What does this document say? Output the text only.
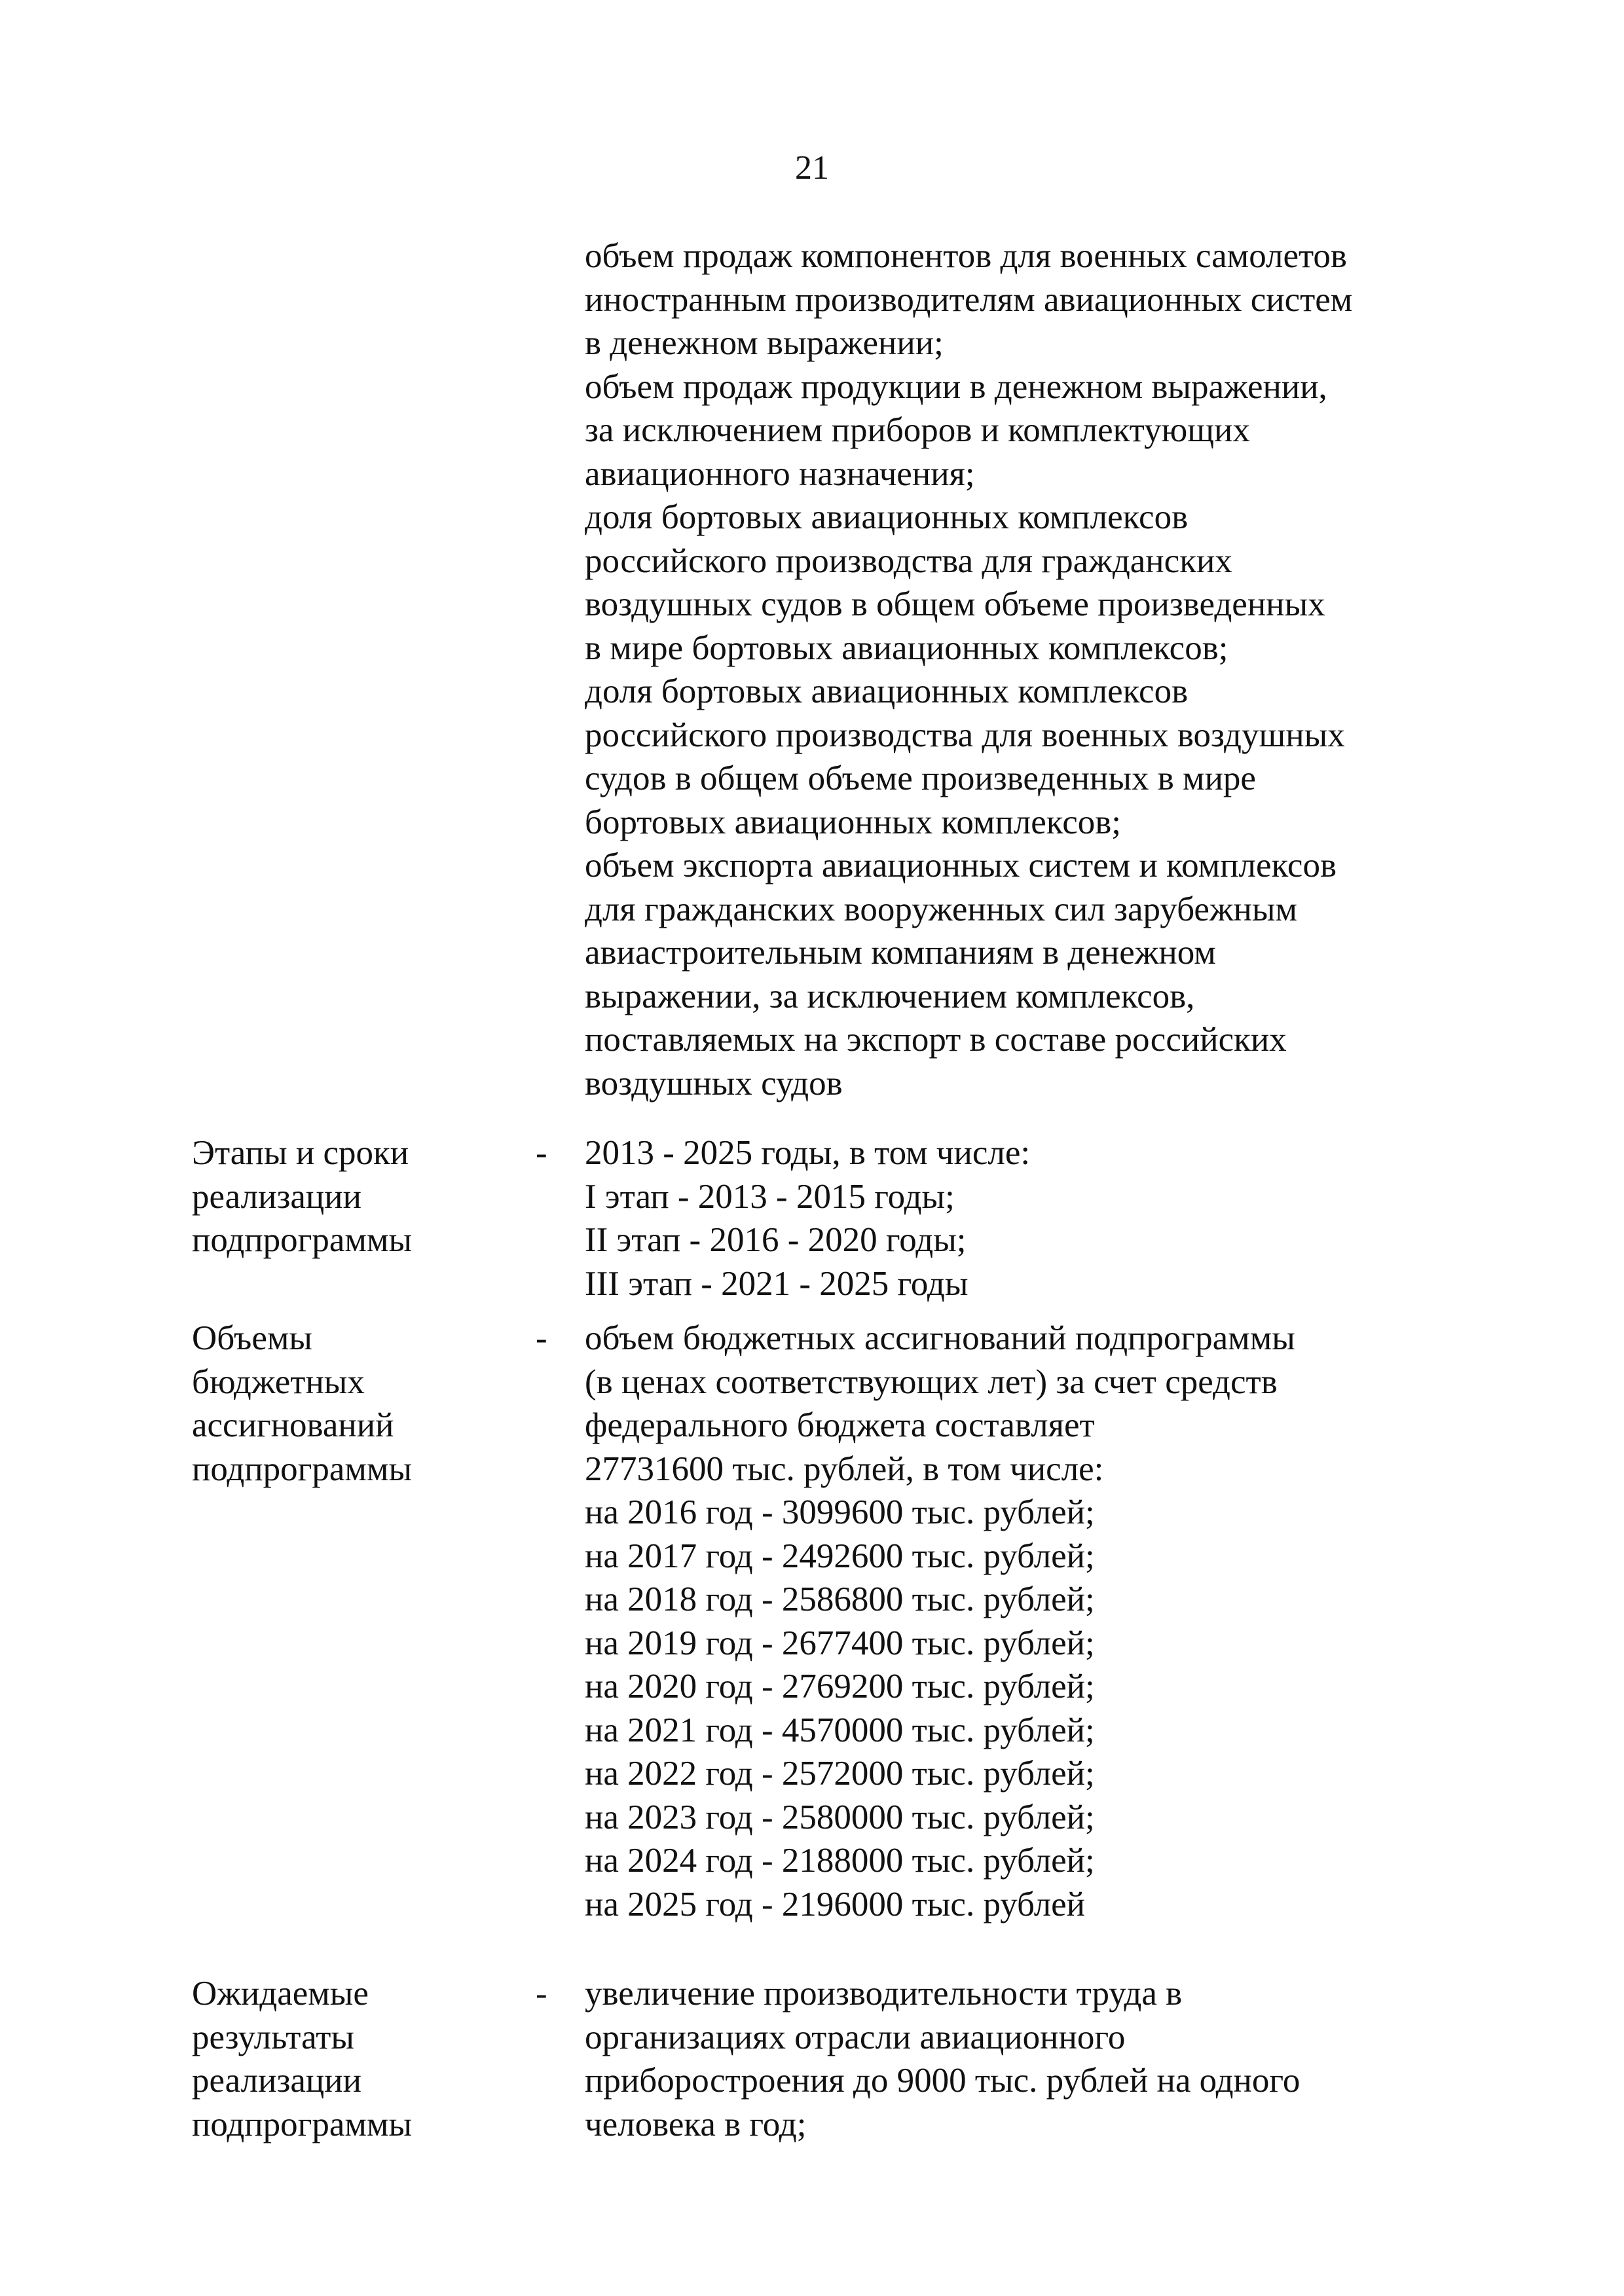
21
объем продаж компонентов для военных самолетов
иностранным производителям авиационных систем
в денежном выражении;
объем продаж продукции в денежном выражении,
за исключением приборов и комплектующих
авиационного назначения;
доля бортовых авиационных комплексов
российского производства для гражданских
воздушных судов в общем объеме произведенных
в мире бортовых авиационных комплексов;
доля бортовых авиационных комплексов
российского производства для военных воздушных
судов в общем объеме произведенных в мире
бортовых авиационных комплексов;
объем экспорта авиационных систем и комплексов
для гражданских вооруженных сил зарубежным
авиастроительным компаниям в денежном
выражении, за исключением комплексов,
поставляемых на экспорт в составе российских
воздушных судов
Этапы и сроки
реализации
подпрограммы
- 2013 - 2025 годы, в том числе:
I этап - 2013 - 2015 годы;
II этап - 2016 - 2020 годы;
III этап - 2021 - 2025 годы
Объемы
бюджетных
ассигнований
подпрограммы
- объем бюджетных ассигнований подпрограммы
(в ценах соответствующих лет) за счет средств
федерального бюджета составляет
27731600 тыс. рублей, в том числе:
на 2016 год - 3099600 тыс. рублей;
на 2017 год - 2492600 тыс. рублей;
на 2018 год - 2586800 тыс. рублей;
на 2019 год - 2677400 тыс. рублей;
на 2020 год - 2769200 тыс. рублей;
на 2021 год - 4570000 тыс. рублей;
на 2022 год - 2572000 тыс. рублей;
на 2023 год - 2580000 тыс. рублей;
на 2024 год - 2188000 тыс. рублей;
на 2025 год - 2196000 тыс. рублей
Ожидаемые
результаты
реализации
подпрограммы
- увеличение производительности труда в
организациях отрасли авиационного
приборостроения до 9000 тыс. рублей на одного
человека в год;
